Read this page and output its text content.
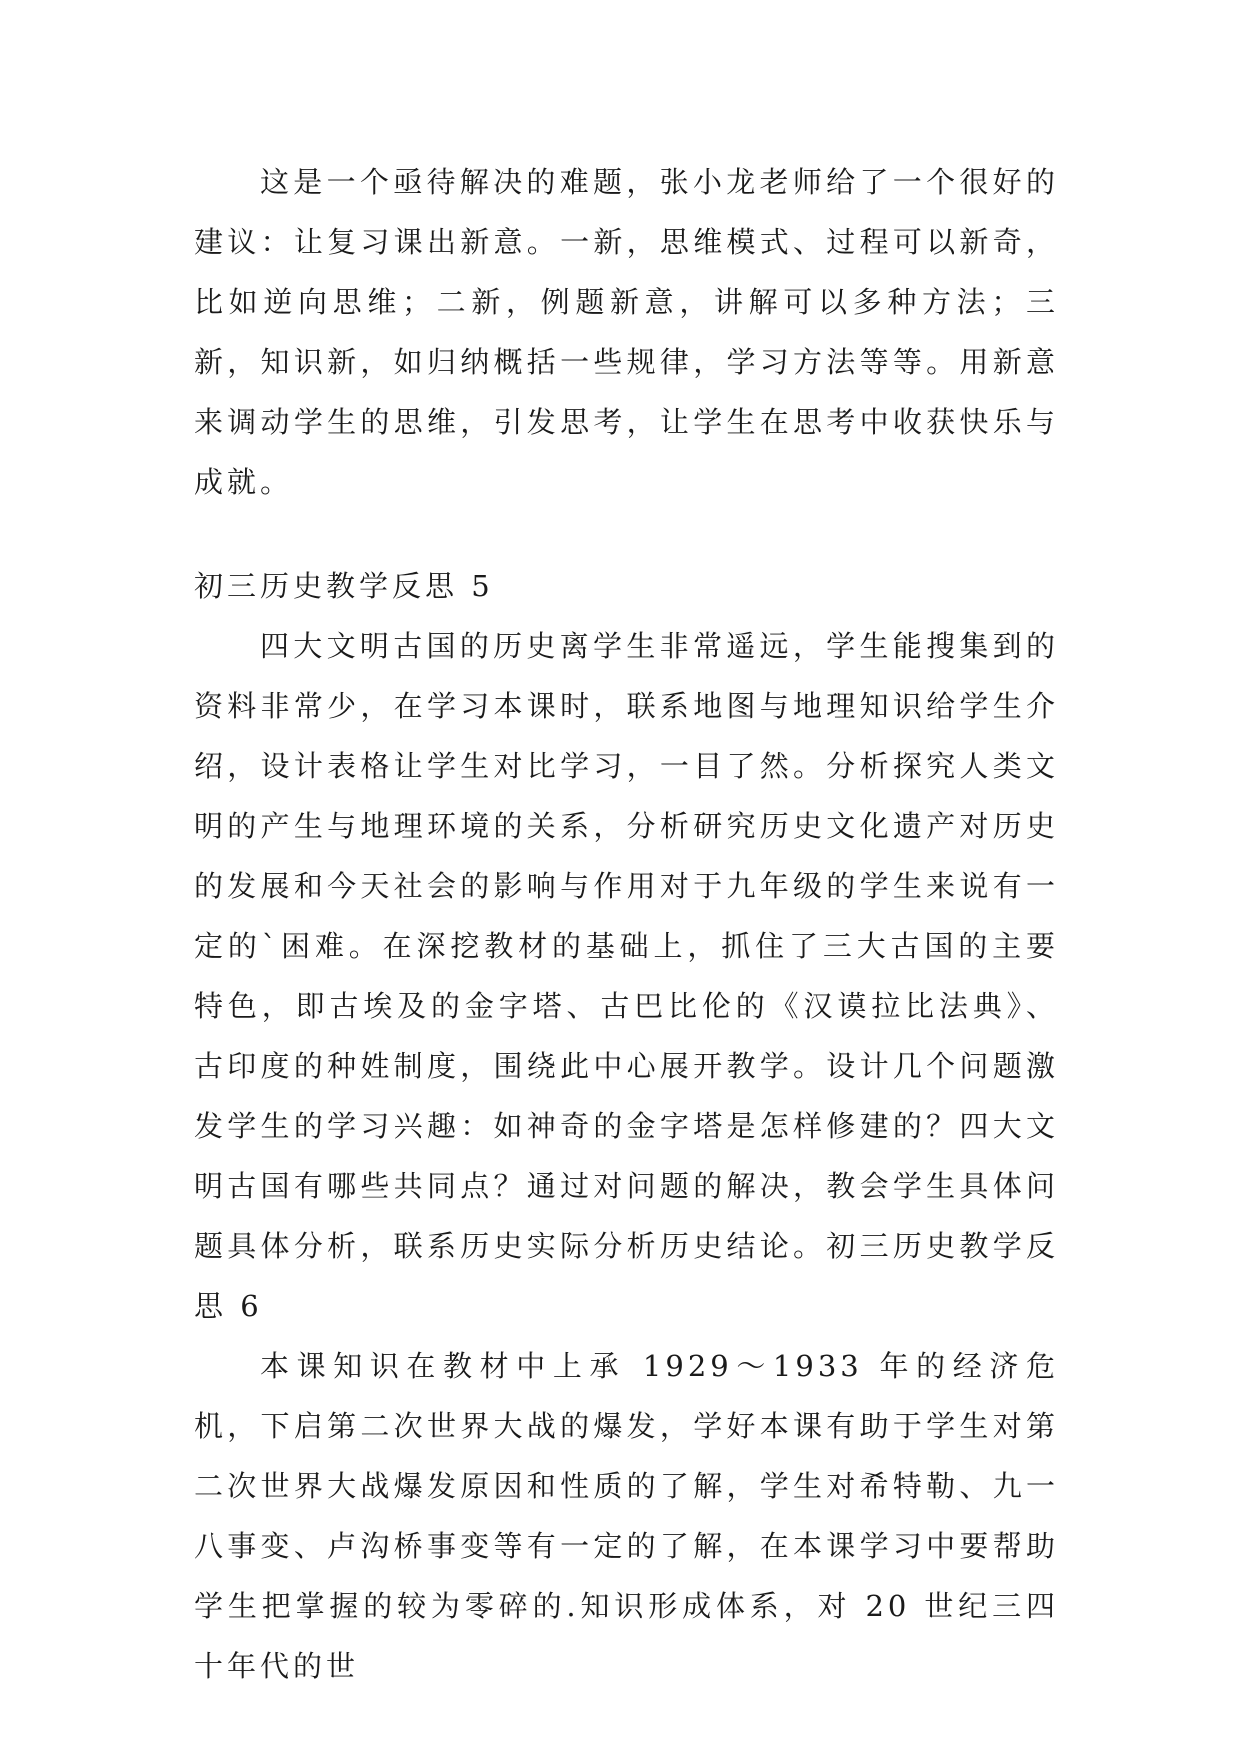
这是一个亟待解决的难题，张小龙老师给了一个很好的建议：让复习课出新意。一新，思维模式、过程可以新奇，比如逆向思维；二新，例题新意，讲解可以多种方法；三新，知识新，如归纳概括一些规律，学习方法等等。用新意来调动学生的思维，引发思考，让学生在思考中收获快乐与成就。

初三历史教学反思 5

四大文明古国的历史离学生非常遥远，学生能搜集到的资料非常少，在学习本课时，联系地图与地理知识给学生介绍，设计表格让学生对比学习，一目了然。分析探究人类文明的产生与地理环境的关系，分析研究历史文化遗产对历史的发展和今天社会的影响与作用对于九年级的学生来说有一定的`困难。在深挖教材的基础上，抓住了三大古国的主要特色，即古埃及的金字塔、古巴比伦的《汉谟拉比法典》、古印度的种姓制度，围绕此中心展开教学。设计几个问题激发学生的学习兴趣：如神奇的金字塔是怎样修建的？四大文明古国有哪些共同点？通过对问题的解决，教会学生具体问题具体分析，联系历史实际分析历史结论。初三历史教学反思 6

本课知识在教材中上承 1929～1933 年的经济危机，下启第二次世界大战的爆发，学好本课有助于学生对第二次世界大战爆发原因和性质的了解，学生对希特勒、九一八事变、卢沟桥事变等有一定的了解，在本课学习中要帮助学生把掌握的较为零碎的.知识形成体系，对 20 世纪三四十年代的世
